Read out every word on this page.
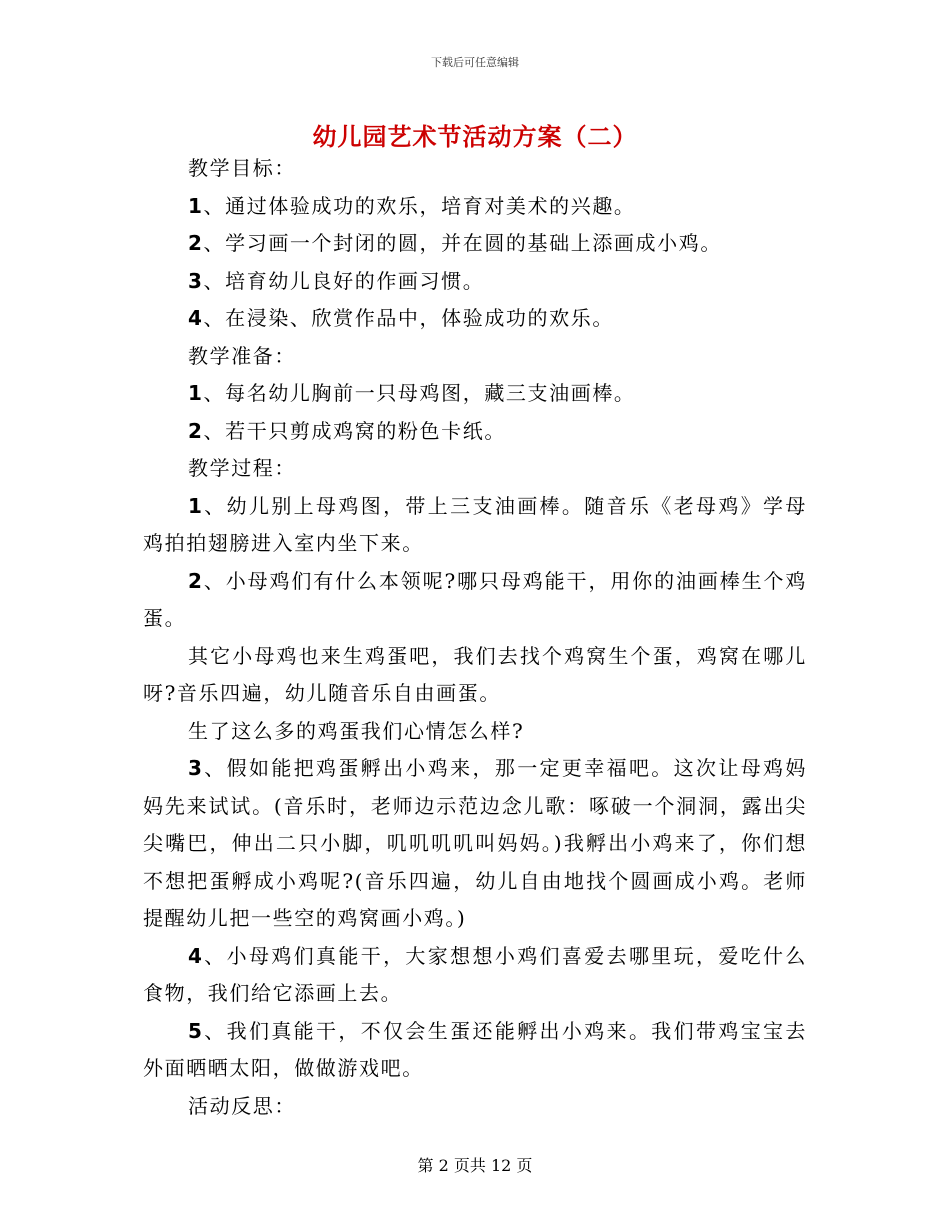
下载后可任意编辑
幼儿园艺术节活动方案（二）

教学目标：

1、通过体验成功的欢乐，培育对美术的兴趣。

2、学习画一个封闭的圆，并在圆的基础上添画成小鸡。

3、培育幼儿良好的作画习惯。

4、在浸染、欣赏作品中，体验成功的欢乐。

教学准备：

1、每名幼儿胸前一只母鸡图，藏三支油画棒。

2、若干只剪成鸡窝的粉色卡纸。

教学过程：

1、幼儿别上母鸡图，带上三支油画棒。随音乐《老母鸡》学母鸡拍拍翅膀进入室内坐下来。

2、小母鸡们有什么本领呢?哪只母鸡能干，用你的油画棒生个鸡蛋。

其它小母鸡也来生鸡蛋吧，我们去找个鸡窝生个蛋，鸡窝在哪儿呀?音乐四遍，幼儿随音乐自由画蛋。

生了这么多的鸡蛋我们心情怎么样?

3、假如能把鸡蛋孵出小鸡来，那一定更幸福吧。这次让母鸡妈妈先来试试。(音乐时，老师边示范边念儿歌：啄破一个洞洞，露出尖尖嘴巴，伸出二只小脚，叽叽叽叽叫妈妈。)我孵出小鸡来了，你们想不想把蛋孵成小鸡呢?(音乐四遍，幼儿自由地找个圆画成小鸡。老师提醒幼儿把一些空的鸡窝画小鸡。)

4、小母鸡们真能干，大家想想小鸡们喜爱去哪里玩，爱吃什么食物，我们给它添画上去。

5、我们真能干，不仅会生蛋还能孵出小鸡来。我们带鸡宝宝去外面晒晒太阳，做做游戏吧。

活动反思：

第 2 页共 12 页
